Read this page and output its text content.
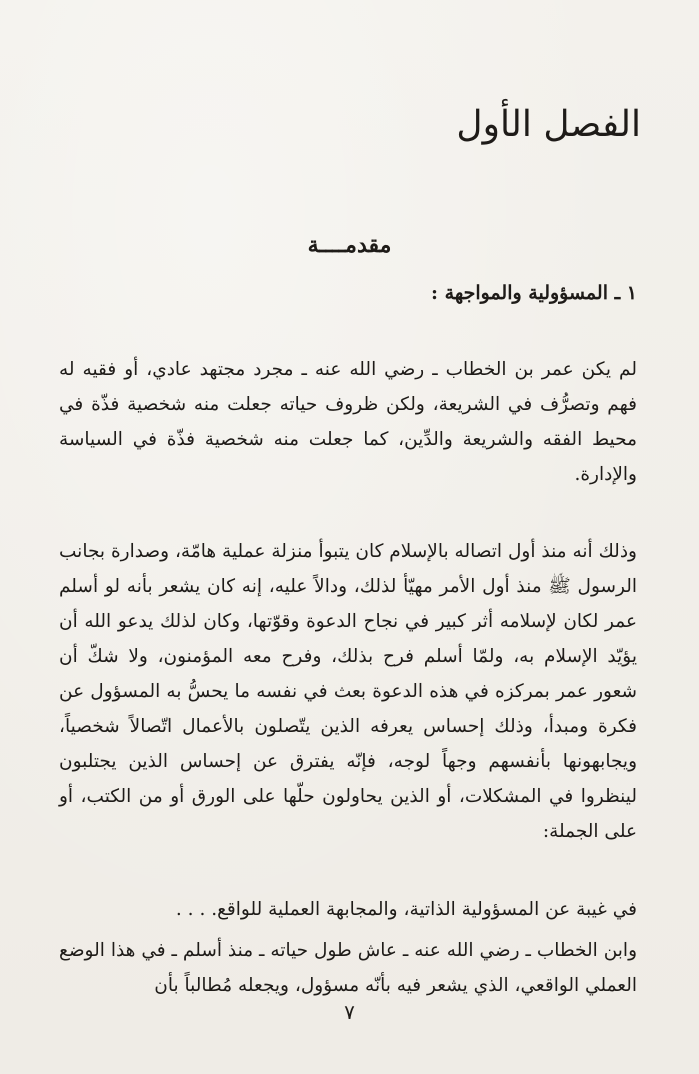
الفصل الأول
مقدمــــة
١ ـ المسؤولية والمواجهة :

لم يكن عمر بن الخطاب ـ رضي الله عنه ـ مجرد مجتهد عادي، أو فقيه له فهم وتصرُّف في الشريعة، ولكن ظروف حياته جعلت منه شخصية فذّة في محيط الفقه والشريعة والدِّين، كما جعلت منه شخصية فذّة في السياسة والإدارة.

وذلك أنه منذ أول اتصاله بالإسلام كان يتبوأ منزلة عملية هامّة، وصدارة بجانب الرسول ﷺ منذ أول الأمر مهيّأ لذلك، ودالاً عليه، إنه كان يشعر بأنه لو أسلم عمر لكان لإسلامه أثر كبير في نجاح الدعوة وقوّتها، وكان لذلك يدعو الله أن يؤيّد الإسلام به، ولمّا أسلم فرح بذلك، وفرح معه المؤمنون، ولا شكّ أن شعور عمر بمركزه في هذه الدعوة بعث في نفسه ما يحسُّ به المسؤول عن فكرة ومبدأ، وذلك إحساس يعرفه الذين يتّصلون بالأعمال اتّصالاً شخصياً، ويجابهونها بأنفسهم وجهاً لوجه، فإنّه يفترق عن إحساس الذين يجتلبون لينظروا في المشكلات، أو الذين يحاولون حلّها على الورق أو من الكتب، أو على الجملة:

في غيبة عن المسؤولية الذاتية، والمجابهة العملية للواقع. . . .

وابن الخطاب ـ رضي الله عنه ـ عاش طول حياته ـ منذ أسلم ـ في هذا الوضع العملي الواقعي، الذي يشعر فيه بأنّه مسؤول، ويجعله مُطالباً بأن

٧
